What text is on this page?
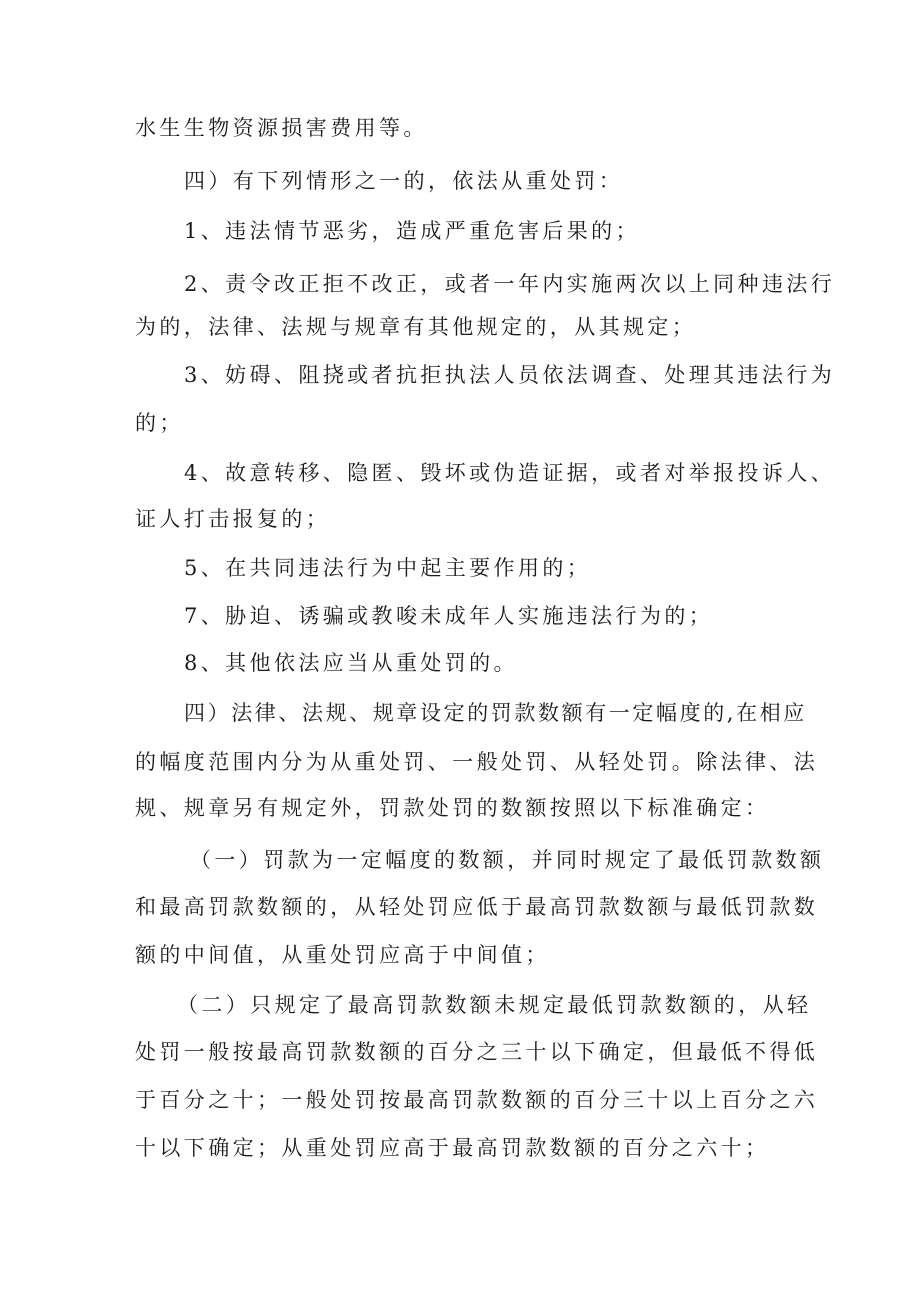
水生生物资源损害费用等。
四）有下列情形之一的，依法从重处罚：
1、违法情节恶劣，造成严重危害后果的；
2、责令改正拒不改正，或者一年内实施两次以上同种违法行
为的，法律、法规与规章有其他规定的，从其规定；
3、妨碍、阻挠或者抗拒执法人员依法调查、处理其违法行为
的；
4、故意转移、隐匿、毁坏或伪造证据，或者对举报投诉人、
证人打击报复的；
5、在共同违法行为中起主要作用的；
7、胁迫、诱骗或教唆未成年人实施违法行为的；
8、其他依法应当从重处罚的。
四）法律、法规、规章设定的罚款数额有一定幅度的,在相应
的幅度范围内分为从重处罚、一般处罚、从轻处罚。除法律、法
规、规章另有规定外，罚款处罚的数额按照以下标准确定：
（一）罚款为一定幅度的数额，并同时规定了最低罚款数额
和最高罚款数额的，从轻处罚应低于最高罚款数额与最低罚款数
额的中间值，从重处罚应高于中间值；
（二）只规定了最高罚款数额未规定最低罚款数额的，从轻
处罚一般按最高罚款数额的百分之三十以下确定，但最低不得低
于百分之十；一般处罚按最高罚款数额的百分三十以上百分之六
十以下确定；从重处罚应高于最高罚款数额的百分之六十；
